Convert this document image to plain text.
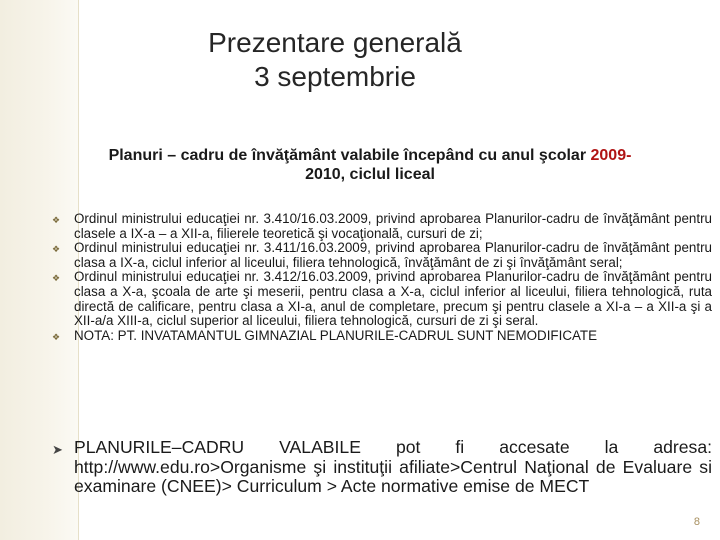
Prezentare generală
3 septembrie
Planuri – cadru de învăţământ valabile începând cu anul şcolar 2009-
2010, ciclul liceal
❖ Ordinul ministrului educaţiei nr. 3.410/16.03.2009, privind aprobarea Planurilor-cadru de învăţământ pentru clasele a IX-a – a XII-a, filierele teoretică şi vocaţională, cursuri de zi;
❖ Ordinul ministrului educaţiei nr. 3.411/16.03.2009, privind aprobarea Planurilor-cadru de învăţământ pentru clasa a IX-a, ciclul inferior al liceului, filiera tehnologică, învăţământ de zi şi învăţământ seral;
❖ Ordinul ministrului educaţiei nr. 3.412/16.03.2009, privind aprobarea Planurilor-cadru de învăţământ pentru clasa a X-a, şcoala de arte şi meserii, pentru clasa a X-a, ciclul inferior al liceului, filiera tehnologică, ruta directă de calificare, pentru clasa a XI-a, anul de completare, precum şi pentru clasele a XI-a – a XII-a şi a XII-a/a XIII-a, ciclul superior al liceului, filiera tehnologică, cursuri de zi şi seral.
❖ NOTA: PT. INVATAMANTUL GIMNAZIAL PLANURILE-CADRUL SUNT NEMODIFICATE
➤ PLANURILE–CADRU VALABILE pot fi accesate la adresa: http://www.edu.ro>Organisme şi instituţii afiliate>Centrul Naţional de Evaluare si examinare (CNEE)> Curriculum > Acte normative emise de MECT
8
